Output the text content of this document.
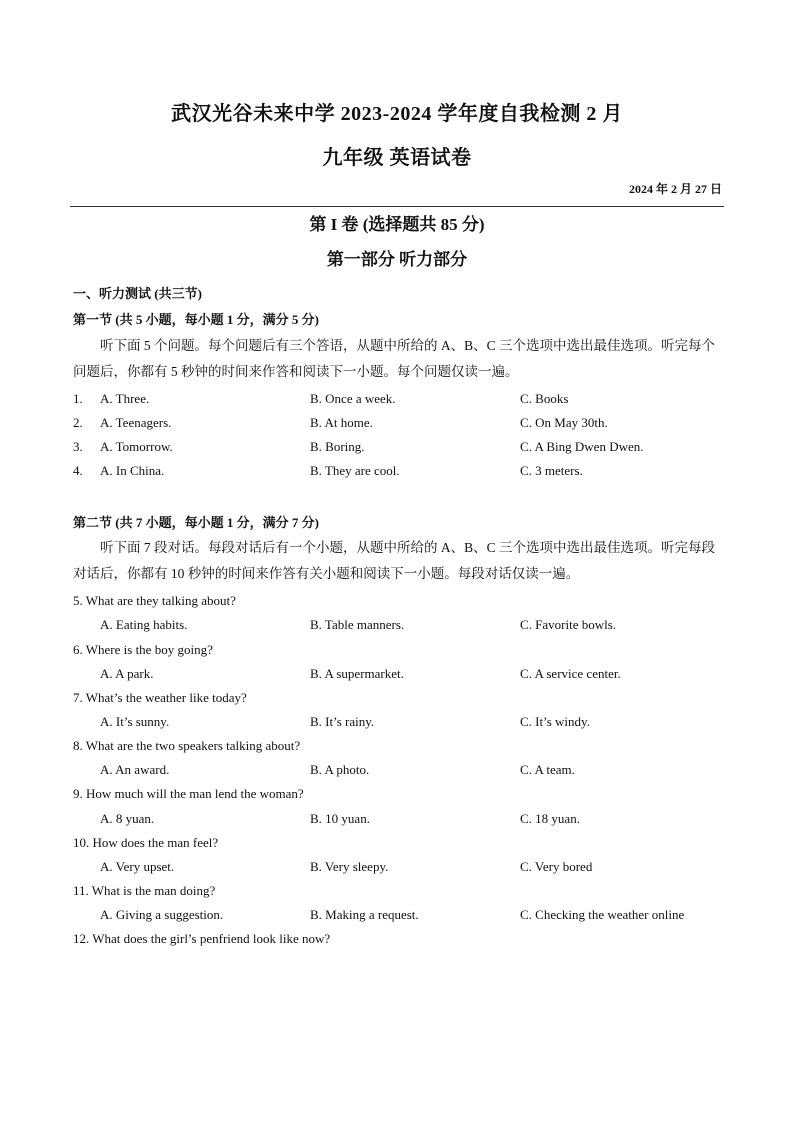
武汉光谷未来中学 2023-2024 学年度自我检测 2 月
九年级 英语试卷
2024 年 2 月 27 日
第 I 卷 (选择题共 85 分)
第一部分 听力部分
一、听力测试 (共三节)
第一节 (共 5 小题，每小题 1 分，满分 5 分)

听下面 5 个问题。每个问题后有三个答语，从题中所给的 A、B、C 三个选项中选出最佳选项。听完每个问题后，你都有 5 秒钟的时间来作答和阅读下一小题。每个问题仅读一遍。

1. A. Three.	B. Once a week.	C. Books
2. A. Teenagers.	B. At home.	C. On May 30th.
3. A. Tomorrow.	B. Boring.	C. A Bing Dwen Dwen.
4. A. In China.	B. They are cool.	C. 3 meters.
第二节 (共 7 小题，每小题 1 分，满分 7 分)

听下面 7 段对话。每段对话后有一个小题，从题中所给的 A、B、C 三个选项中选出最佳选项。听完每段对话后，你都有 10 秒钟的时间来作答有关小题和阅读下一小题。每段对话仅读一遍。

5. What are they talking about?
A. Eating habits.	B. Table manners.	C. Favorite bowls.
6. Where is the boy going?
A. A park.	B. A supermarket.	C. A service center.
7. What’s the weather like today?
A. It’s sunny.	B. It’s rainy.	C. It’s windy.
8. What are the two speakers talking about?
A. An award.	B. A photo.	C. A team.
9. How much will the man lend the woman?
A. 8 yuan.	B. 10 yuan.	C. 18 yuan.
10. How does the man feel?
A. Very upset.	B. Very sleepy.	C. Very bored
11. What is the man doing?
A. Giving a suggestion.	B. Making a request.	C. Checking the weather online
12. What does the girl’s penfriend look like now?
